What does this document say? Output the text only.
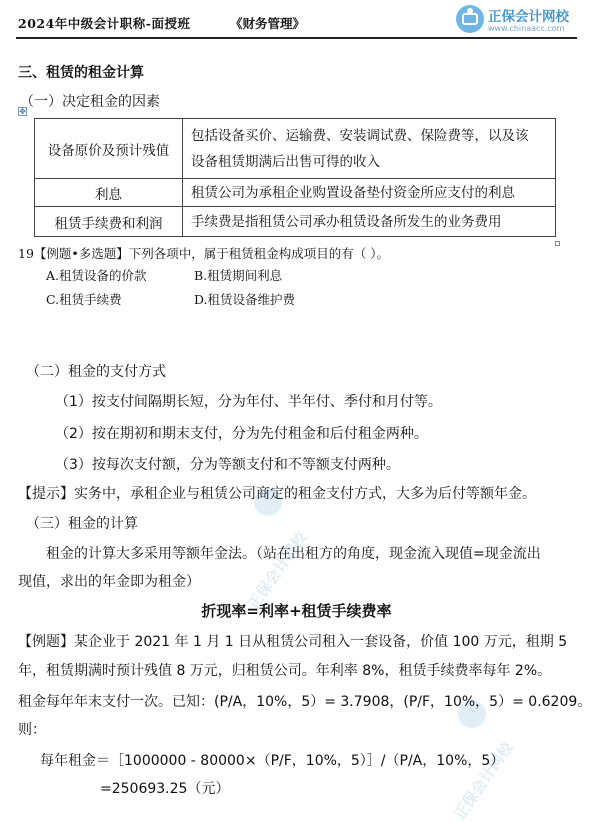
2024年中级会计职称-面授班	《财务管理》	正保会计网校
www.chinaacc.com
正保会计网校
正保会计网校
三、租赁的租金计算
（一）决定租金的因素
✥
设备原价及预计残值	包括设备买价、运输费、安装调试费、保险费等，以及该
设备租赁期满后出售可得的收入

利息	租赁公司为承租企业购置设备垫付资金所应支付的利息
租赁手续费和利润	手续费是指租赁公司承办租赁设备所发生的业务费用
19【例题•多选题】下列各项中，属于租赁租金构成项目的有（ ）。
A.租赁设备的价款	B.租赁期间利息
C.租赁手续费	D.租赁设备维护费
（二）租金的支付方式
（1）按支付间隔期长短，分为年付、半年付、季付和月付等。
（2）按在期初和期末支付，分为先付租金和后付租金两种。
（3）按每次支付额，分为等额支付和不等额支付两种。
【提示】实务中，承租企业与租赁公司商定的租金支付方式，大多为后付等额年金。
（三）租金的计算
租金的计算大多采用等额年金法。（站在出租方的角度，现金流入现值=现金流出
现值，求出的年金即为租金）
折现率=利率+租赁手续费率
【例题】某企业于 2021 年 1 月 1 日从租赁公司租入一套设备，价值 100 万元，租期 5
年，租赁期满时预计残值 8 万元，归租赁公司。年利率 8%，租赁手续费率每年 2%。
租金每年年末支付一次。已知：(P/A，10%，5）= 3.7908，(P/F，10%，5）= 0.6209。
则：
每年租金＝［1000000 - 80000×（P/F，10%，5）］/（P/A，10%，5）
=250693.25（元）
